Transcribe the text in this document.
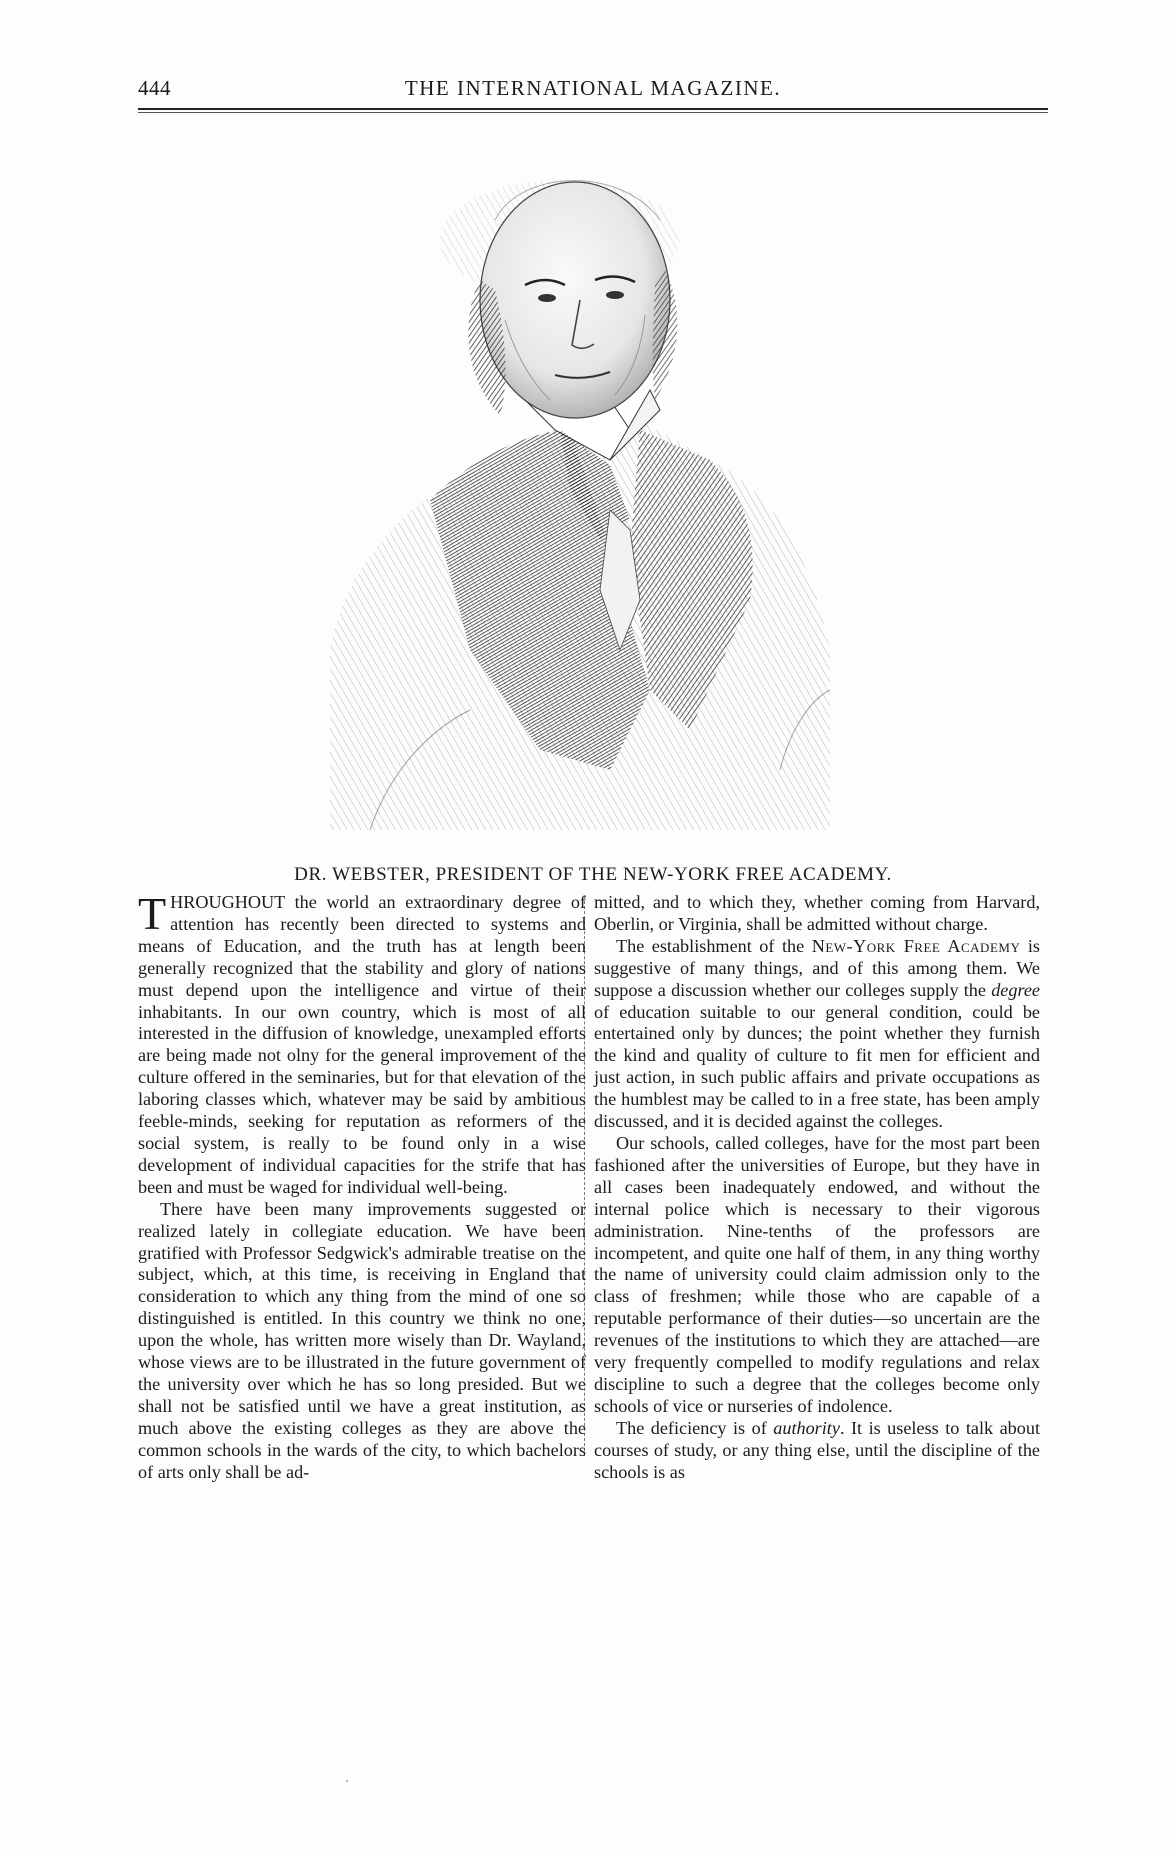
444	THE INTERNATIONAL MAGAZINE.
DR. WEBSTER, PRESIDENT OF THE NEW-YORK FREE ACADEMY.

THROUGHOUT the world an extraordinary degree of attention has recently been directed to systems and means of Education, and the truth has at length been generally recognized that the stability and glory of nations must depend upon the intelligence and virtue of their inhabitants. In our own country, which is most of all interested in the diffusion of knowledge, unexampled efforts are being made not olny for the general improvement of the culture offered in the seminaries, but for that elevation of the laboring classes which, whatever may be said by ambitious feeble-minds, seeking for reputation as reformers of the social system, is really to be found only in a wise development of individual capacities for the strife that has been and must be waged for individual well-being.

There have been many improvements suggested or realized lately in collegiate education. We have been gratified with Professor Sedgwick's admirable treatise on the subject, which, at this time, is receiving in England that consideration to which any thing from the mind of one so distinguished is entitled. In this country we think no one, upon the whole, has written more wisely than Dr. Wayland, whose views are to be illustrated in the future government of the university over which he has so long presided. But we shall not be satisfied until we have a great institution, as much above the existing colleges as they are above the common schools in the wards of the city, to which bachelors of arts only shall be ad-

mitted, and to which they, whether coming from Harvard, Oberlin, or Virginia, shall be admitted without charge.

The establishment of the New-York Free Academy is suggestive of many things, and of this among them. We suppose a discussion whether our colleges supply the degree of education suitable to our general condition, could be entertained only by dunces; the point whether they furnish the kind and quality of culture to fit men for efficient and just action, in such public affairs and private occupations as the humblest may be called to in a free state, has been amply discussed, and it is decided against the colleges.

Our schools, called colleges, have for the most part been fashioned after the universities of Europe, but they have in all cases been inadequately endowed, and without the internal police which is necessary to their vigorous administration. Nine-tenths of the professors are incompetent, and quite one half of them, in any thing worthy the name of university could claim admission only to the class of freshmen; while those who are capable of a reputable performance of their duties—so uncertain are the revenues of the institutions to which they are attached—are very frequently compelled to modify regulations and relax discipline to such a degree that the colleges become only schools of vice or nurseries of indolence.

The deficiency is of authority. It is useless to talk about courses of study, or any thing else, until the discipline of the schools is as
